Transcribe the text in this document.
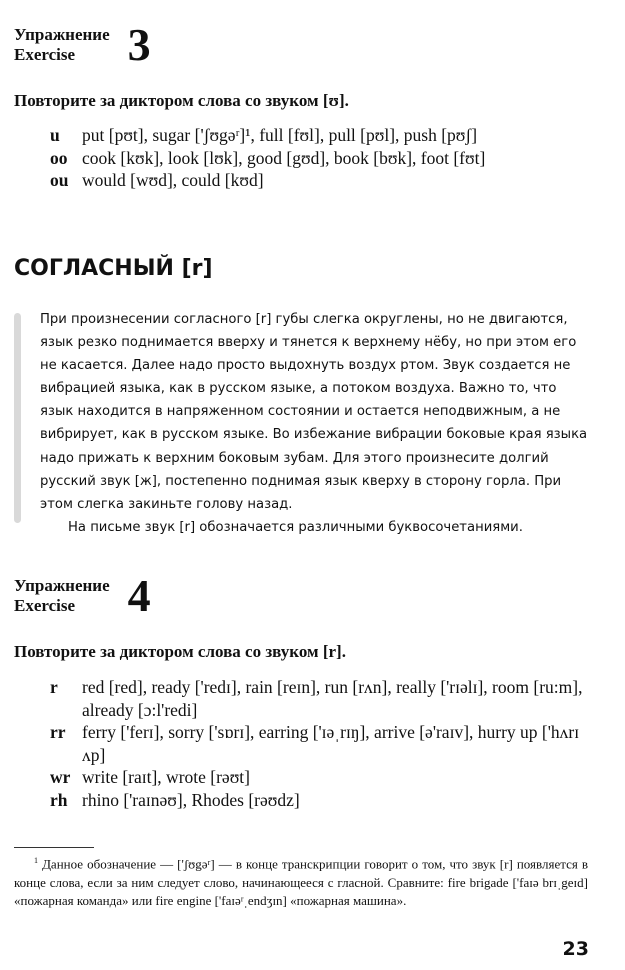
Упражнение
Exercise	3
Повторите за диктором слова со звуком [ʊ].
u	put [pʊt], sugar ['ʃʊgəʳ]¹, full [fʊl], pull [pʊl], push [pʊʃ]
oo cook [kʊk], look [lʊk], good [gʊd], book [bʊk], foot [fʊt]
ou would [wʊd], could [kʊd]
СОГЛАСНЫЙ [r]

При произнесении согласного [r] губы слегка округлены, но не двигаются, язык резко поднимается вверху и тянется к верхнему нёбу, но при этом его не касается. Далее надо просто выдохнуть воздух ртом. Звук создается не вибрацией языка, как в русском языке, а потоком воздуха. Важно то, что язык находится в напряженном состоянии и остается неподвижным, а не вибрирует, как в русском языке. Во избежание вибрации боковые края языка надо прижать к верхним боковым зубам. Для этого произнесите долгий русский звук [ж], постепенно поднимая язык кверху в сторону горла. При этом слегка закиньте голову назад.

На письме звук [r] обозначается различными буквосочетаниями.

Упражнение
Exercise	4
Повторите за диктором слова со звуком [r].
r	red [red], ready ['redɪ], rain [reɪn], run [rʌn], really ['rɪəlɪ], room [ru:m], already [ɔ:l'redi]
rr ferry ['ferɪ], sorry ['sɒrɪ], earring ['ɪəˌrɪŋ], arrive [ə'raɪv], hurry up ['hʌrɪ ʌp]
wr write [raɪt], wrote [rəʊt]
rh rhino ['raɪnəʊ], Rhodes [rəʊdz]
$^1$ Данное обозначение — ['ʃʊgəʳ] — в конце транскрипции говорит о том, что звук [r] появляется в конце слова, если за ним следует слово, начинающееся с гласной. Сравните: fire brigade ['faɪə brɪˌgeɪd] «пожарная команда» или fire engine ['faɪəʳˌendʒɪn] «пожарная машина».
23
